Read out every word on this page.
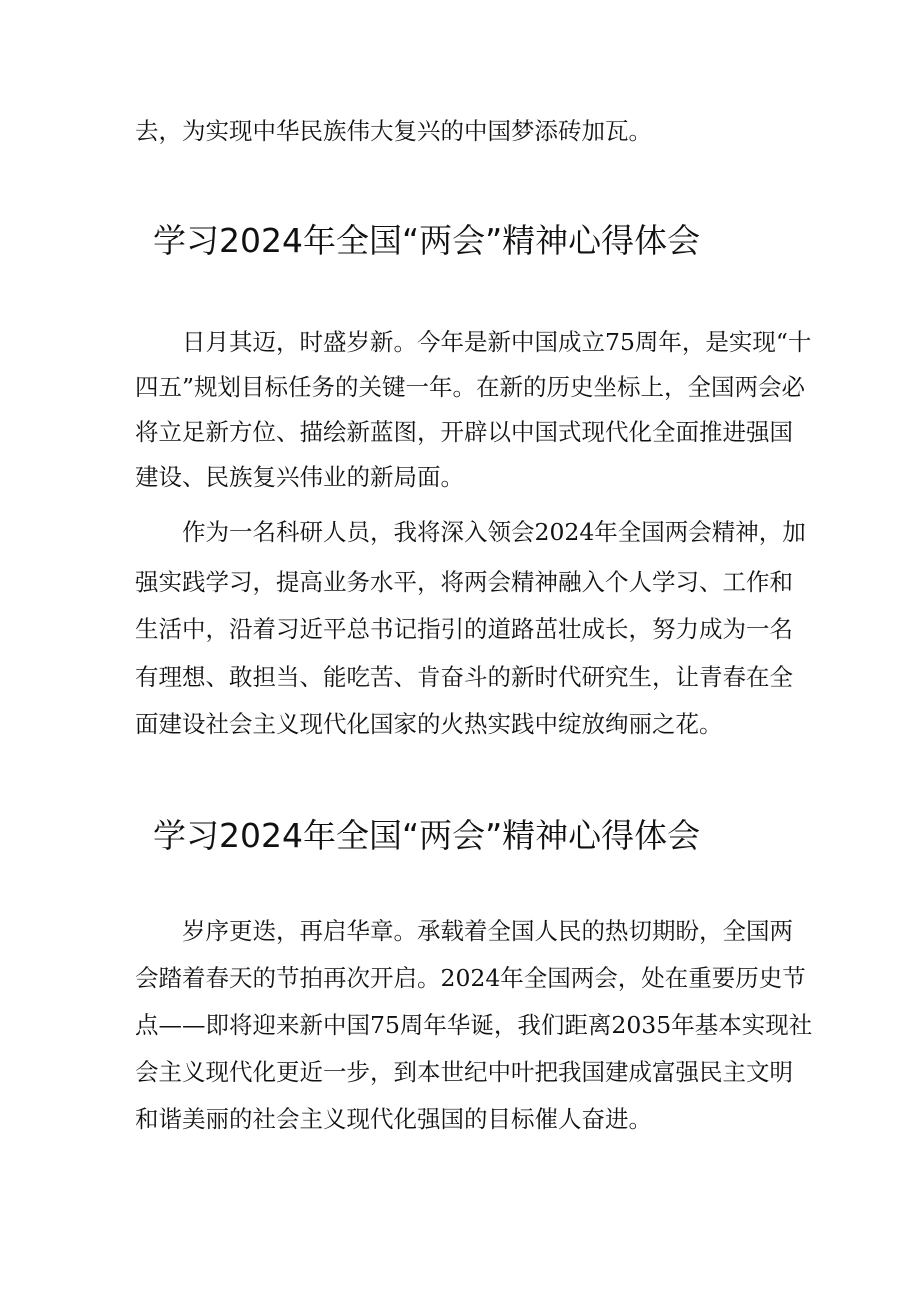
去，为实现中华民族伟大复兴的中国梦添砖加瓦。
学习2024年全国“两会”精神心得体会
日月其迈，时盛岁新。今年是新中国成立75周年，是实现“十
四五”规划目标任务的关键一年。在新的历史坐标上，全国两会必
将立足新方位、描绘新蓝图，开辟以中国式现代化全面推进强国
建设、民族复兴伟业的新局面。
作为一名科研人员，我将深入领会2024年全国两会精神，加
强实践学习，提高业务水平，将两会精神融入个人学习、工作和
生活中，沿着习近平总书记指引的道路茁壮成长，努力成为一名
有理想、敢担当、能吃苦、肯奋斗的新时代研究生，让青春在全
面建设社会主义现代化国家的火热实践中绽放绚丽之花。
学习2024年全国“两会”精神心得体会
岁序更迭，再启华章。承载着全国人民的热切期盼，全国两
会踏着春天的节拍再次开启。2024年全国两会，处在重要历史节
点——即将迎来新中国75周年华诞，我们距离2035年基本实现社
会主义现代化更近一步，到本世纪中叶把我国建成富强民主文明
和谐美丽的社会主义现代化强国的目标催人奋进。
